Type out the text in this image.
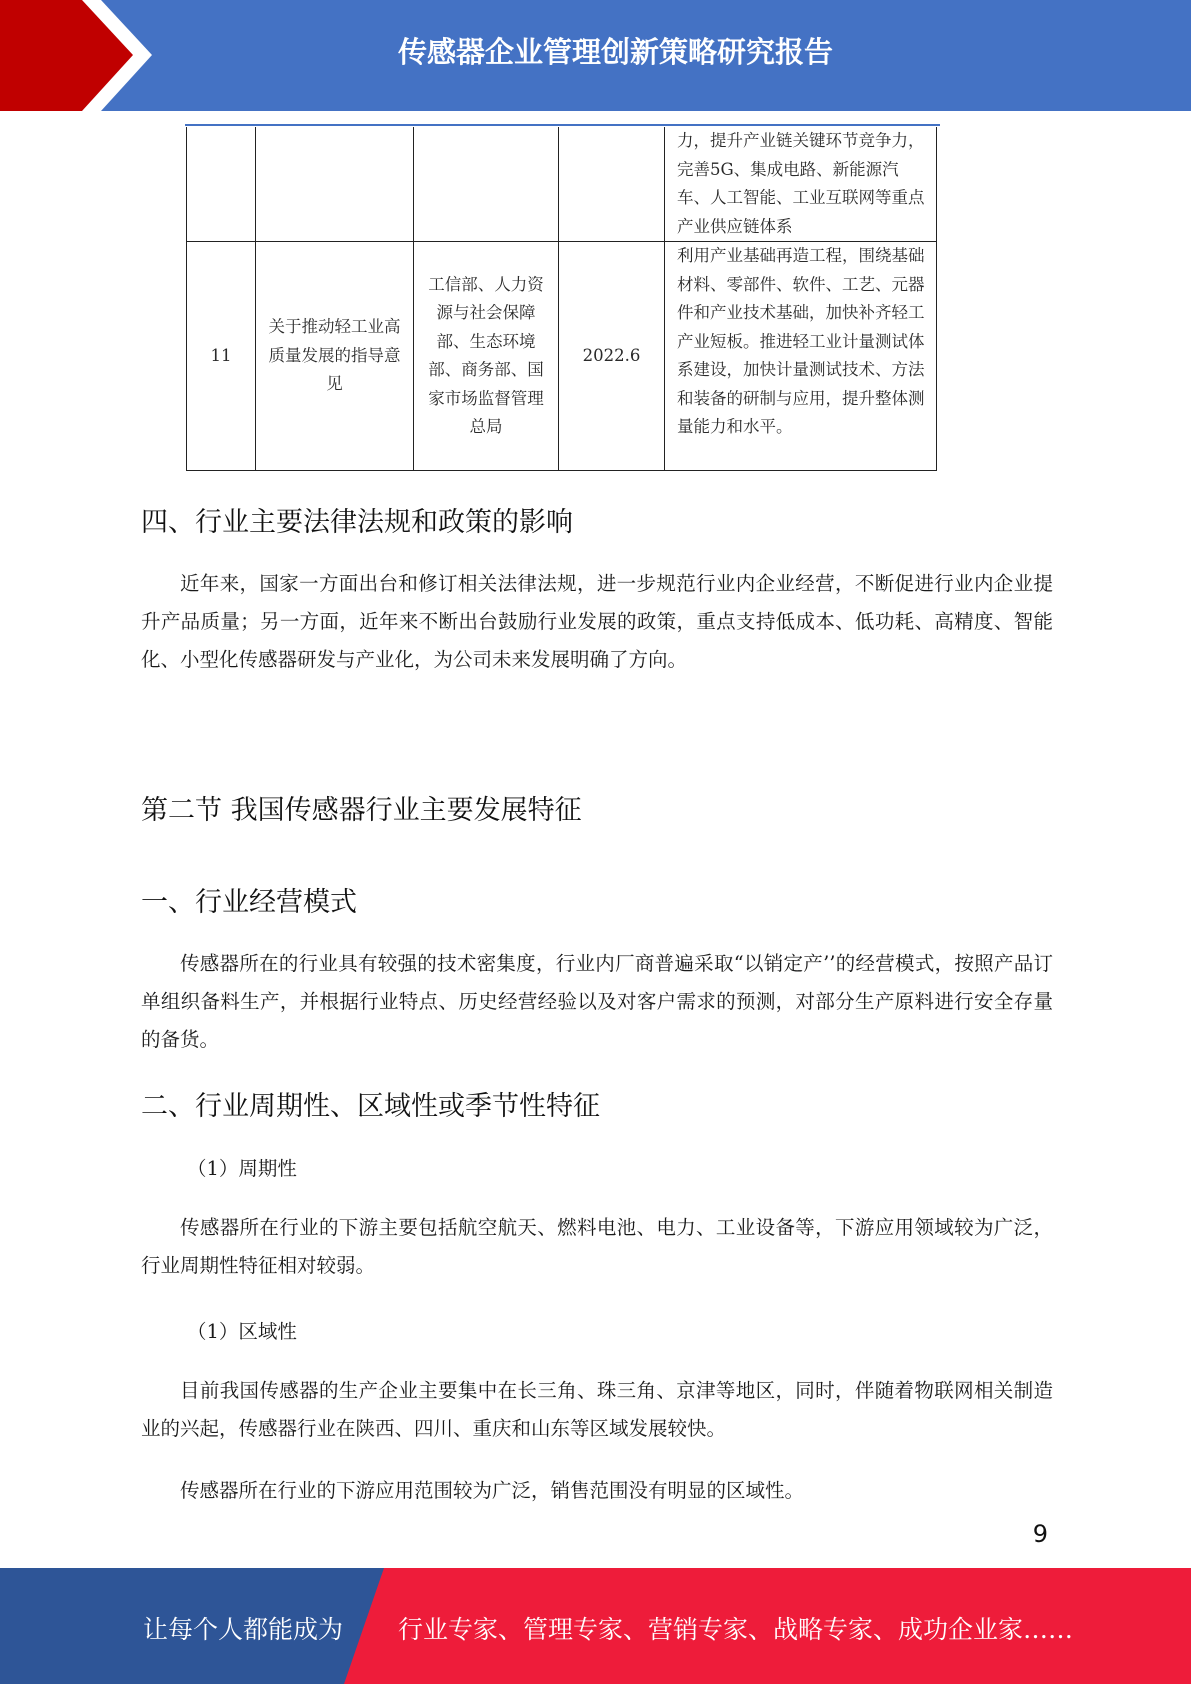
传感器企业管理创新策略研究报告
				力，提升产业链关键环节竞争力，完善5G、集成电路、新能源汽车、人工智能、工业互联网等重点产业供应链体系
11	关于推动轻工业高质量发展的指导意见	工信部、人力资源与社会保障部、生态环境部、商务部、国家市场监督管理总局	2022.6	利用产业基础再造工程，围绕基础材料、零部件、软件、工艺、元器件和产业技术基础，加快补齐轻工产业短板。推进轻工业计量测试体系建设，加快计量测试技术、方法和装备的研制与应用，提升整体测量能力和水平。
四、行业主要法律法规和政策的影响

近年来，国家一方面出台和修订相关法律法规，进一步规范行业内企业经营，不断促进行业内企业提升产品质量；另一方面，近年来不断出台鼓励行业发展的政策，重点支持低成本、低功耗、高精度、智能化、小型化传感器研发与产业化，为公司未来发展明确了方向。

第二节 我国传感器行业主要发展特征
一、行业经营模式

传感器所在的行业具有较强的技术密集度，行业内厂商普遍采取“以销定产’’的经营模式，按照产品订单组织备料生产，并根据行业特点、历史经营经验以及对客户需求的预测，对部分生产原料进行安全存量的备货。

二、行业周期性、区域性或季节性特征
（1）周期性

传感器所在行业的下游主要包括航空航天、燃料电池、电力、工业设备等，下游应用领域较为广泛，行业周期性特征相对较弱。

（1）区域性

目前我国传感器的生产企业主要集中在长三角、珠三角、京津等地区，同时，伴随着物联网相关制造业的兴起，传感器行业在陕西、四川、重庆和山东等区域发展较快。

传感器所在行业的下游应用范围较为广泛，销售范围没有明显的区域性。

9
让每个人都能成为 行业专家、管理专家、营销专家、战略专家、成功企业家……
